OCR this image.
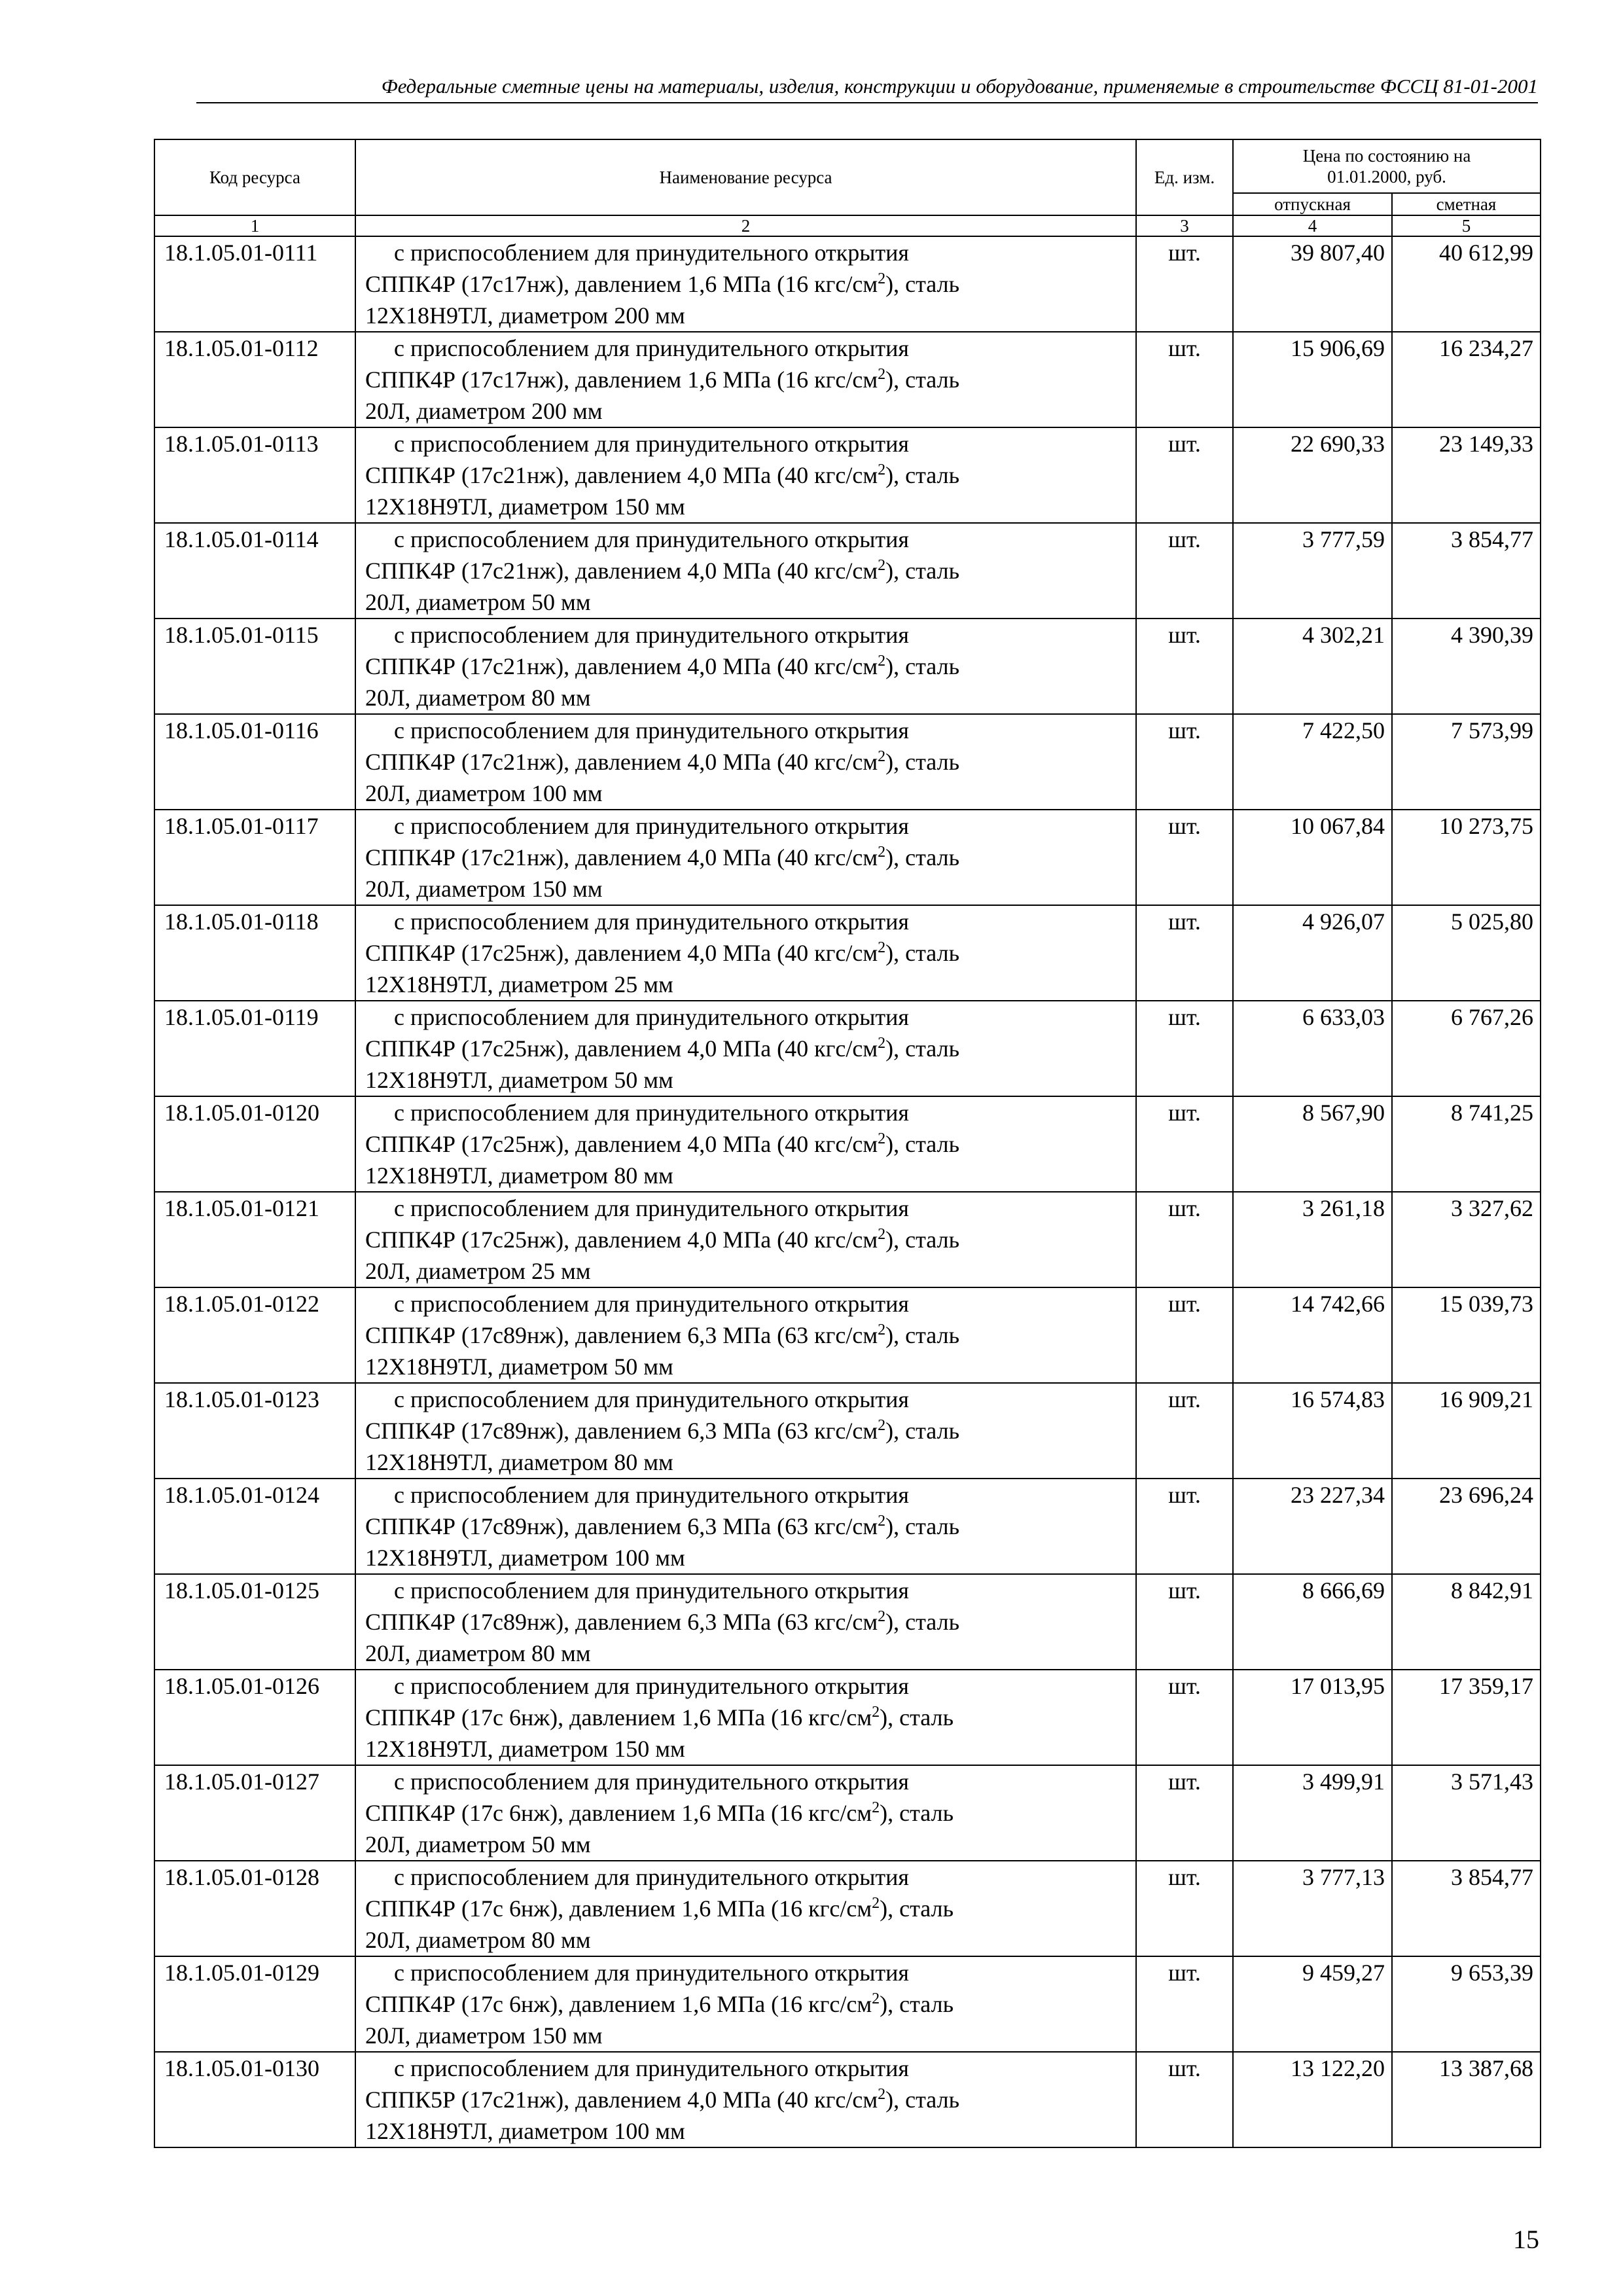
Федеральные сметные цены на материалы, изделия, конструкции и оборудование, применяемые в строительстве ФССЦ 81-01-2001
Код ресурса	Наименование ресурса	Ед. изм.	Цена по состоянию на 01.01.2000, руб.	
			отпускная	сметная
1	2	3	4	5
18.1.05.01-0111	с приспособлением для принудительного открытия
СППК4Р (17с17нж), давлением 1,6 МПа (16 кгс/$см^2$), сталь
12Х18Н9ТЛ, диаметром 200 мм	шт.	39 807,40	40 612,99
18.1.05.01-0112	с приспособлением для принудительного открытия
СППК4Р (17с17нж), давлением 1,6 МПа (16 кгс/$см^2$), сталь
20Л, диаметром 200 мм	шт.	15 906,69	16 234,27
18.1.05.01-0113	с приспособлением для принудительного открытия
СППК4Р (17с21нж), давлением 4,0 МПа (40 кгс/$см^2$), сталь
12Х18Н9ТЛ, диаметром 150 мм	шт.	22 690,33	23 149,33
18.1.05.01-0114	с приспособлением для принудительного открытия
СППК4Р (17с21нж), давлением 4,0 МПа (40 кгс/$см^2$), сталь
20Л, диаметром 50 мм	шт.	3 777,59	3 854,77
18.1.05.01-0115	с приспособлением для принудительного открытия
СППК4Р (17с21нж), давлением 4,0 МПа (40 кгс/$см^2$), сталь
20Л, диаметром 80 мм	шт.	4 302,21	4 390,39
18.1.05.01-0116	с приспособлением для принудительного открытия
СППК4Р (17с21нж), давлением 4,0 МПа (40 кгс/$см^2$), сталь
20Л, диаметром 100 мм	шт.	7 422,50	7 573,99
18.1.05.01-0117	с приспособлением для принудительного открытия
СППК4Р (17с21нж), давлением 4,0 МПа (40 кгс/$см^2$), сталь
20Л, диаметром 150 мм	шт.	10 067,84	10 273,75
18.1.05.01-0118	с приспособлением для принудительного открытия
СППК4Р (17с25нж), давлением 4,0 МПа (40 кгс/$см^2$), сталь
12Х18Н9ТЛ, диаметром 25 мм	шт.	4 926,07	5 025,80
18.1.05.01-0119	с приспособлением для принудительного открытия
СППК4Р (17с25нж), давлением 4,0 МПа (40 кгс/$см^2$), сталь
12Х18Н9ТЛ, диаметром 50 мм	шт.	6 633,03	6 767,26
18.1.05.01-0120	с приспособлением для принудительного открытия
СППК4Р (17с25нж), давлением 4,0 МПа (40 кгс/$см^2$), сталь
12Х18Н9ТЛ, диаметром 80 мм	шт.	8 567,90	8 741,25
18.1.05.01-0121	с приспособлением для принудительного открытия
СППК4Р (17с25нж), давлением 4,0 МПа (40 кгс/$см^2$), сталь
20Л, диаметром 25 мм	шт.	3 261,18	3 327,62
18.1.05.01-0122	с приспособлением для принудительного открытия
СППК4Р (17с89нж), давлением 6,3 МПа (63 кгс/$см^2$), сталь
12Х18Н9ТЛ, диаметром 50 мм	шт.	14 742,66	15 039,73
18.1.05.01-0123	с приспособлением для принудительного открытия
СППК4Р (17с89нж), давлением 6,3 МПа (63 кгс/$см^2$), сталь
12Х18Н9ТЛ, диаметром 80 мм	шт.	16 574,83	16 909,21
18.1.05.01-0124	с приспособлением для принудительного открытия
СППК4Р (17с89нж), давлением 6,3 МПа (63 кгс/$см^2$), сталь
12Х18Н9ТЛ, диаметром 100 мм	шт.	23 227,34	23 696,24
18.1.05.01-0125	с приспособлением для принудительного открытия
СППК4Р (17с89нж), давлением 6,3 МПа (63 кгс/$см^2$), сталь
20Л, диаметром 80 мм	шт.	8 666,69	8 842,91
18.1.05.01-0126	с приспособлением для принудительного открытия
СППК4Р (17с 6нж), давлением 1,6 МПа (16 кгс/$см^2$), сталь
12Х18Н9ТЛ, диаметром 150 мм	шт.	17 013,95	17 359,17
18.1.05.01-0127	с приспособлением для принудительного открытия
СППК4Р (17с 6нж), давлением 1,6 МПа (16 кгс/$см^2$), сталь
20Л, диаметром 50 мм	шт.	3 499,91	3 571,43
18.1.05.01-0128	с приспособлением для принудительного открытия
СППК4Р (17с 6нж), давлением 1,6 МПа (16 кгс/$см^2$), сталь
20Л, диаметром 80 мм	шт.	3 777,13	3 854,77
18.1.05.01-0129	с приспособлением для принудительного открытия
СППК4Р (17с 6нж), давлением 1,6 МПа (16 кгс/$см^2$), сталь
20Л, диаметром 150 мм	шт.	9 459,27	9 653,39
18.1.05.01-0130	с приспособлением для принудительного открытия
СППК5Р (17с21нж), давлением 4,0 МПа (40 кгс/$см^2$), сталь
12Х18Н9ТЛ, диаметром 100 мм	шт.	13 122,20	13 387,68
15
